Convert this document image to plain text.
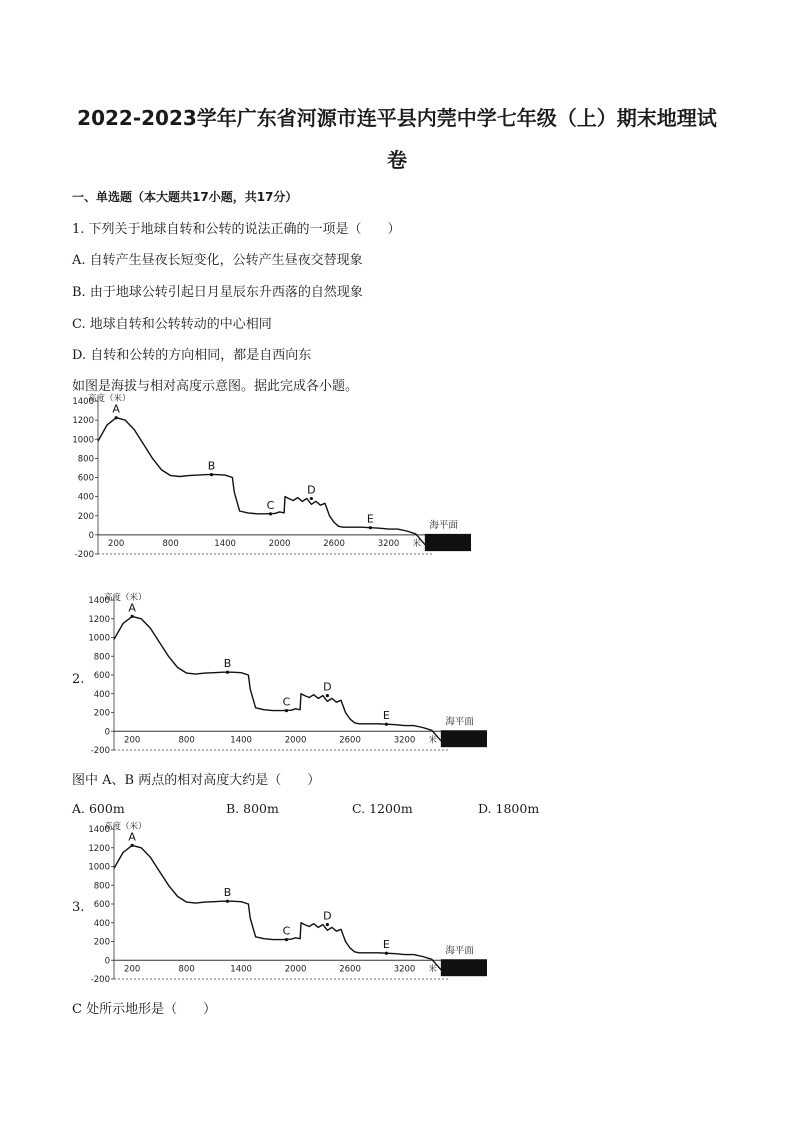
2022-2023学年广东省河源市连平县内莞中学七年级（上）期末地理试
卷
一、单选题（本大题共17小题，共17分）
1. 下列关于地球自转和公转的说法正确的一项是（　　）
A. 自转产生昼夜长短变化，公转产生昼夜交替现象
B. 由于地球公转引起日月星辰东升西落的自然现象
C. 地球自转和公转转动的中心相同
D. 自转和公转的方向相同，都是自西向东
如图是海拔与相对高度示意图。据此完成各小题。
高度（米）
1400
1200
1000
800
600
400
200
0
-200
200	800	1400	2000	2600	3200 米
海平面
A
B
C
D
E
高度（米）
1400
1200
1000
800
600
400
200
0
-200
200	800	1400	2000	2600	3200 米
海平面
A
B
C
D
E
2.
图中 A、B 两点的相对高度大约是（　　）
A. 600m	B. 800m	C. 1200m	D. 1800m
高度（米）
1400
1200
1000
800
600
400
200
0
-200
200	800	1400	2000	2600	3200 米
海平面
A
B
C
D
E
3.
C 处所示地形是（　　）
